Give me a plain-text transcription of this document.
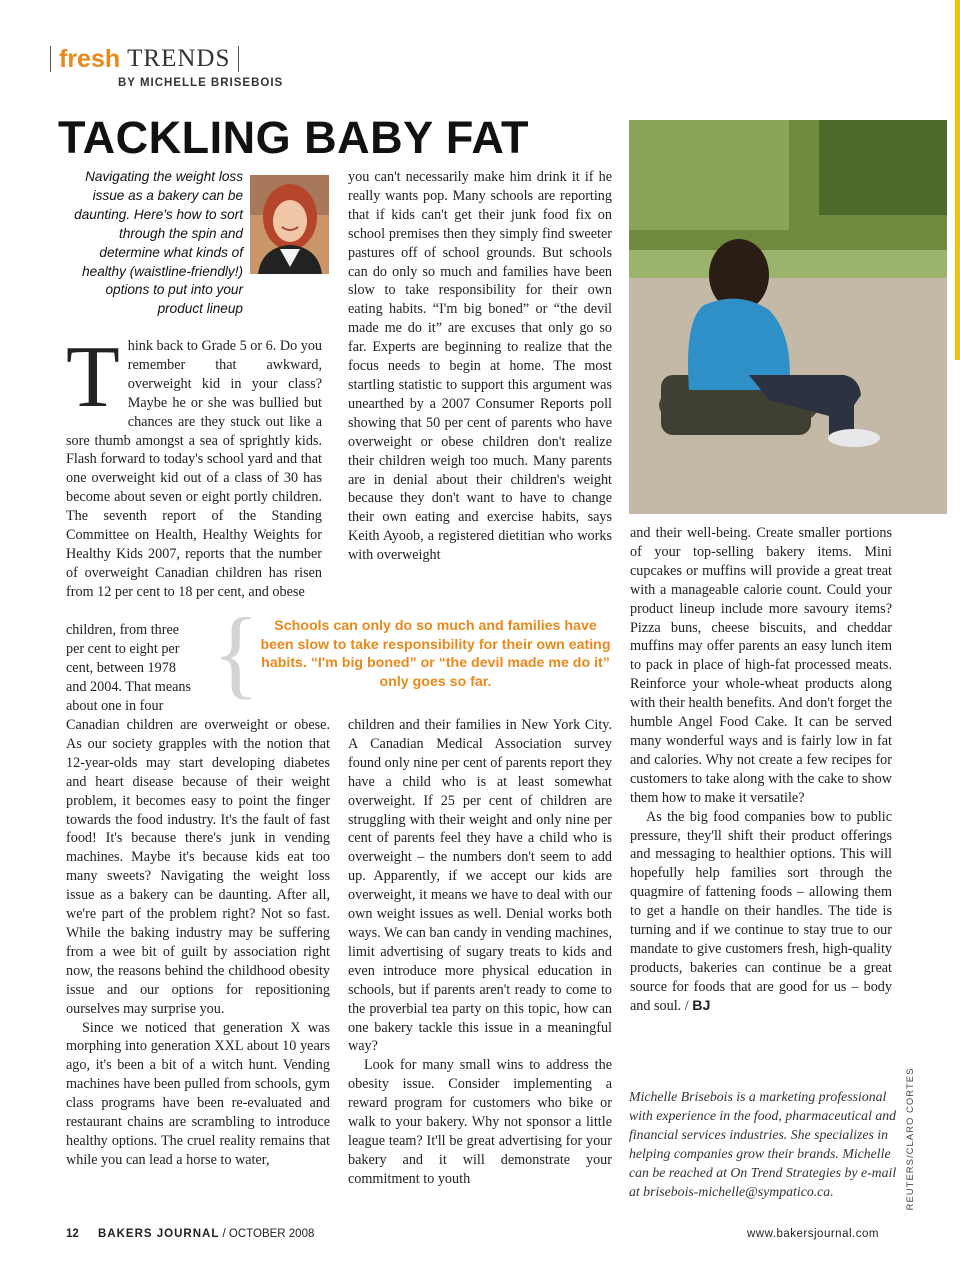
fresh TRENDS
BY MICHELLE BRISEBOIS
TACKLING BABY FAT
Navigating the weight loss issue as a bakery can be daunting. Here's how to sort through the spin and determine what kinds of healthy (waistline-friendly!) options to put into your product lineup

Think back to Grade 5 or 6. Do you remember that awkward, overweight kid in your class? Maybe he or she was bullied but chances are they stuck out like a sore thumb amongst a sea of sprightly kids. Flash forward to today's school yard and that one overweight kid out of a class of 30 has become about seven or eight portly children. The seventh report of the Standing Committee on Health, Healthy Weights for Healthy Kids 2007, reports that the number of overweight Canadian children has risen from 12 per cent to 18 per cent, and obese

children, from three
per cent to eight per
cent, between 1978
and 2004. That means
about one in four

Canadian children are overweight or obese. As our society grapples with the notion that 12-year-olds may start developing diabetes and heart disease because of their weight problem, it becomes easy to point the finger towards the food industry. It's the fault of fast food! It's because there's junk in vending machines. Maybe it's because kids eat too many sweets? Navigating the weight loss issue as a bakery can be daunting. After all, we're part of the problem right? Not so fast. While the baking industry may be suffering from a wee bit of guilt by association right now, the reasons behind the childhood obesity issue and our options for repositioning ourselves may surprise you.

Since we noticed that generation X was morphing into generation XXL about 10 years ago, it's been a bit of a witch hunt. Vending machines have been pulled from schools, gym class programs have been re-evaluated and restaurant chains are scrambling to introduce healthy options. The cruel reality remains that while you can lead a horse to water,

you can't necessarily make him drink it if he really wants pop. Many schools are reporting that if kids can't get their junk food fix on school premises then they simply find sweeter pastures off of school grounds. But schools can do only so much and families have been slow to take responsibility for their own eating habits. “I'm big boned” or “the devil made me do it” are excuses that only go so far. Experts are beginning to realize that the focus needs to begin at home. The most startling statistic to support this argument was unearthed by a 2007 Consumer Reports poll showing that 50 per cent of parents who have overweight or obese children don't realize their children weigh too much. Many parents are in denial about their children's weight because they don't want to have to change their own eating and exercise habits, says Keith Ayoob, a registered dietitian who works with overweight

children and their families in New York City. A Canadian Medical Association survey found only nine per cent of parents report they have a child who is at least somewhat overweight. If 25 per cent of children are struggling with their weight and only nine per cent of parents feel they have a child who is overweight – the numbers don't seem to add up. Apparently, if we accept our kids are overweight, it means we have to deal with our own weight issues as well. Denial works both ways. We can ban candy in vending machines, limit advertising of sugary treats to kids and even introduce more physical education in schools, but if parents aren't ready to come to the proverbial tea party on this topic, how can one bakery tackle this issue in a meaningful way?

Look for many small wins to address the obesity issue. Consider implementing a reward program for customers who bike or walk to your bakery. Why not sponsor a little league team? It'll be great advertising for your bakery and it will demonstrate your commitment to youth

{	Schools can only do so much and families have been slow to take responsibility for their own eating habits. “I'm big boned” or “the devil made me do it” only goes so far.

and their well-being. Create smaller portions of your top-selling bakery items. Mini cupcakes or muffins will provide a great treat with a manageable calorie count. Could your product lineup include more savoury items? Pizza buns, cheese biscuits, and cheddar muffins may offer parents an easy lunch item to pack in place of high-fat processed meats. Reinforce your whole-wheat products along with their health benefits. And don't forget the humble Angel Food Cake. It can be served many wonderful ways and is fairly low in fat and calories. Why not create a few recipes for customers to take along with the cake to show them how to make it versatile?

As the big food companies bow to public pressure, they'll shift their product offerings and messaging to healthier options. This will hopefully help families sort through the quagmire of fattening foods – allowing them to get a handle on their handles. The tide is turning and if we continue to stay true to our mandate to give customers fresh, high-quality products, bakeries can continue be a great source for foods that are good for us – body and soul. / BJ

Michelle Brisebois is a marketing professional with experience in the food, pharmaceutical and financial services industries. She specializes in helping companies grow their brands. Michelle can be reached at On Trend Strategies by e-mail at brisebois-michelle@sympatico.ca.	REUTERS/CLARO CORTES
12 BAKERS JOURNAL / OCTOBER 2008	www.bakersjournal.com
